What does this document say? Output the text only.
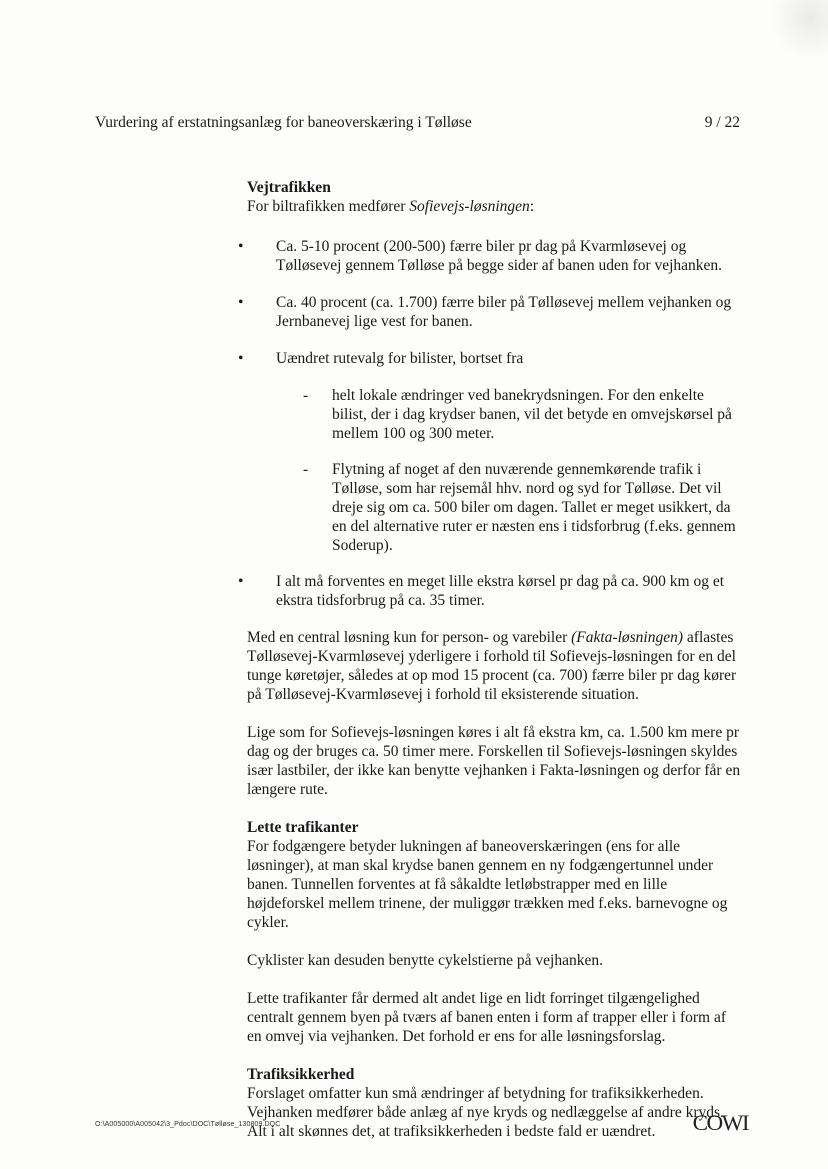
Vurdering af erstatningsanlæg for baneoverskæring i Tølløse	9 / 22

Vejtrafikken

For biltrafikken medfører Sofievejs-løsningen:

• Ca. 5-10 procent (200-500) færre biler pr dag på Kvarmløsevej og Tølløsevej gennem Tølløse på begge sider af banen uden for vejhanken.
• Ca. 40 procent (ca. 1.700) færre biler på Tølløsevej mellem vejhanken og Jernbanevej lige vest for banen.
• Uændret rutevalg for bilister, bortset fra
- helt lokale ændringer ved banekrydsningen. For den enkelte bilist, der i dag krydser banen, vil det betyde en omvejskørsel på mellem 100 og 300 meter.
- Flytning af noget af den nuværende gennemkørende trafik i Tølløse, som har rejsemål hhv. nord og syd for Tølløse. Det vil dreje sig om ca. 500 biler om dagen. Tallet er meget usikkert, da en del alternative ruter er næsten ens i tidsforbrug (f.eks. gennem Soderup).
• I alt må forventes en meget lille ekstra kørsel pr dag på ca. 900 km og et ekstra tidsforbrug på ca. 35 timer.

Med en central løsning kun for person- og varebiler (Fakta-løsningen) aflastes Tølløsevej-Kvarmløsevej yderligere i forhold til Sofievejs-løsningen for en del tunge køretøjer, således at op mod 15 procent (ca. 700) færre biler pr dag kører på Tølløsevej-Kvarmløsevej i forhold til eksisterende situation.

Lige som for Sofievejs-løsningen køres i alt få ekstra km, ca. 1.500 km mere pr dag og der bruges ca. 50 timer mere. Forskellen til Sofievejs-løsningen skyldes især lastbiler, der ikke kan benytte vejhanken i Fakta-løsningen og derfor får en længere rute.

Lette trafikanter

For fodgængere betyder lukningen af baneoverskæringen (ens for alle løsninger), at man skal krydse banen gennem en ny fodgængertunnel under banen. Tunnellen forventes at få såkaldte letløbstrapper med en lille højdeforskel mellem trinene, der muliggør trækken med f.eks. barnevogne og cykler.

Cyklister kan desuden benytte cykelstierne på vejhanken.

Lette trafikanter får dermed alt andet lige en lidt forringet tilgængelighed centralt gennem byen på tværs af banen enten i form af trapper eller i form af en omvej via vejhanken. Det forhold er ens for alle løsningsforslag.

Trafiksikkerhed

Forslaget omfatter kun små ændringer af betydning for trafiksikkerheden. Vejhanken medfører både anlæg af nye kryds og nedlæggelse af andre kryds. Alt i alt skønnes det, at trafiksikkerheden i bedste fald er uændret.

O:\A005000\A005042\3_Pdoc\DOC\Tølløse_130809.DOC	COWI
